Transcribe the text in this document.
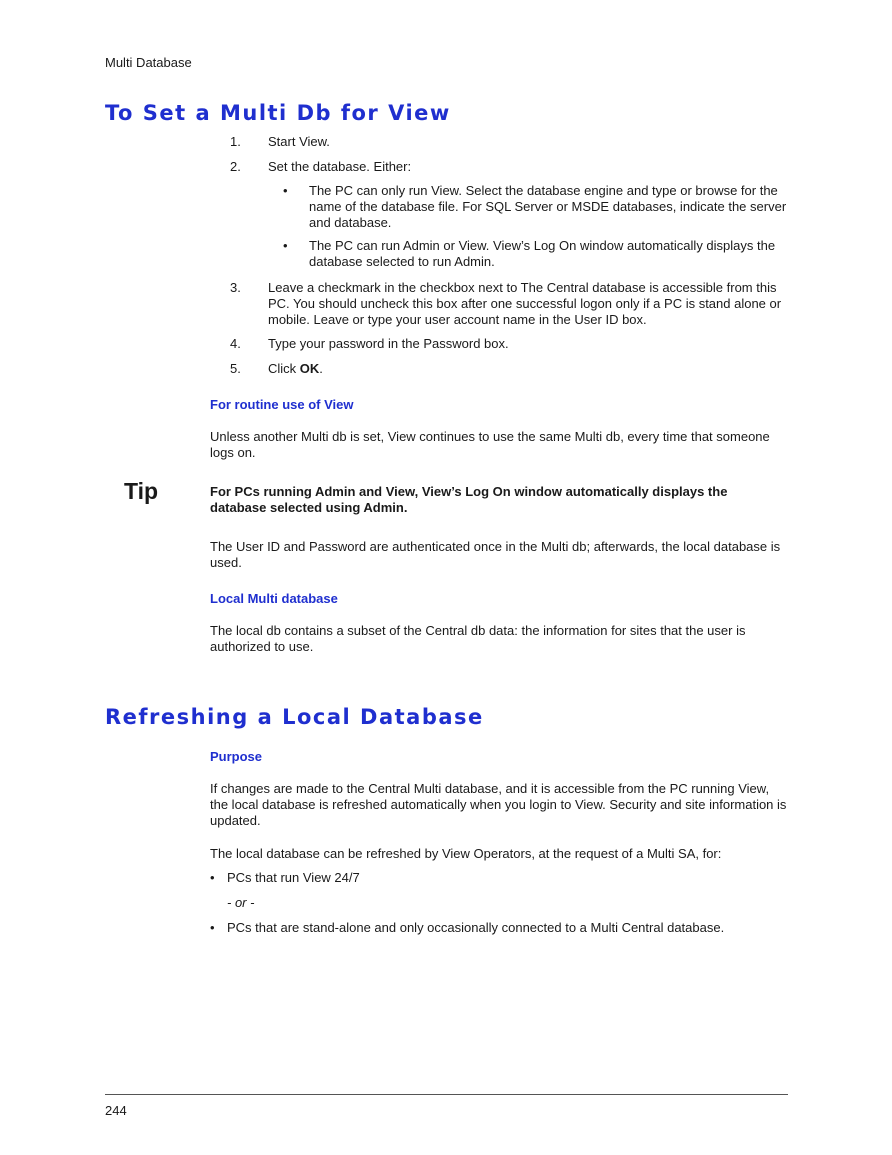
Multi Database
To Set a Multi Db for View
1.	Start View.
2.	Set the database. Either:
• The PC can only run View. Select the database engine and type or browse for the name of the database file. For SQL Server or MSDE databases, indicate the server and database.
• The PC can run Admin or View. View’s Log On window automatically displays the database selected to run Admin.
3.	Leave a checkmark in the checkbox next to The Central database is accessible from this PC. You should uncheck this box after one successful logon only if a PC is stand alone or mobile. Leave or type your user account name in the User ID box.
4.	Type your password in the Password box.
5.	Click OK.
For routine use of View
Unless another Multi db is set, View continues to use the same Multi db, every time that someone logs on.
Tip	For PCs running Admin and View, View’s Log On window automatically displays the database selected using Admin.
The User ID and Password are authenticated once in the Multi db; afterwards, the local database is used.
Local Multi database
The local db contains a subset of the Central db data: the information for sites that the user is authorized to use.
Refreshing a Local Database
Purpose
If changes are made to the Central Multi database, and it is accessible from the PC running View, the local database is refreshed automatically when you login to View. Security and site information is updated.
The local database can be refreshed by View Operators, at the request of a Multi SA, for:
• PCs that run View 24/7
- or -
• PCs that are stand-alone and only occasionally connected to a Multi Central database.
244
